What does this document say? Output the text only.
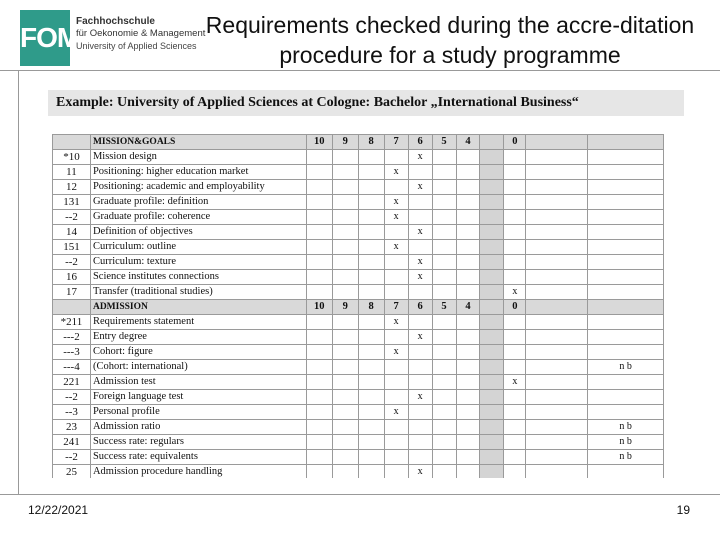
FOM
Fachhochschule
für Oekonomie & Management
University of Applied Sciences
Requirements checked during the accre-ditation procedure for a study programme
Example: University of Applied Sciences at Cologne: Bachelor „International Business“
	MISSION&GOALS	10	9	8	7	6	5	4		0		
*10	Mission design					x						
11	Positioning: higher education market				x							
12	Positioning: academic and employability					x						
131	Graduate profile: definition				x							
--2	Graduate profile: coherence				x							
14	Definition of objectives					x						
151	Curriculum: outline				x							
--2	Curriculum: texture					x						
16	Science institutes connections					x						
17	Transfer (traditional studies)									x		
	ADMISSION	10	9	8	7	6	5	4		0		
*211	Requirements statement				x							
---2	Entry degree					x						
---3	Cohort: figure				x							
---4	(Cohort: international)											n b
221	Admission test									x		
--2	Foreign language test					x						
--3	Personal profile				x							
23	Admission ratio											n b
241	Success rate: regulars											n b
--2	Success rate: equivalents											n b
25	Admission procedure handling					x						
12/22/2021	19
